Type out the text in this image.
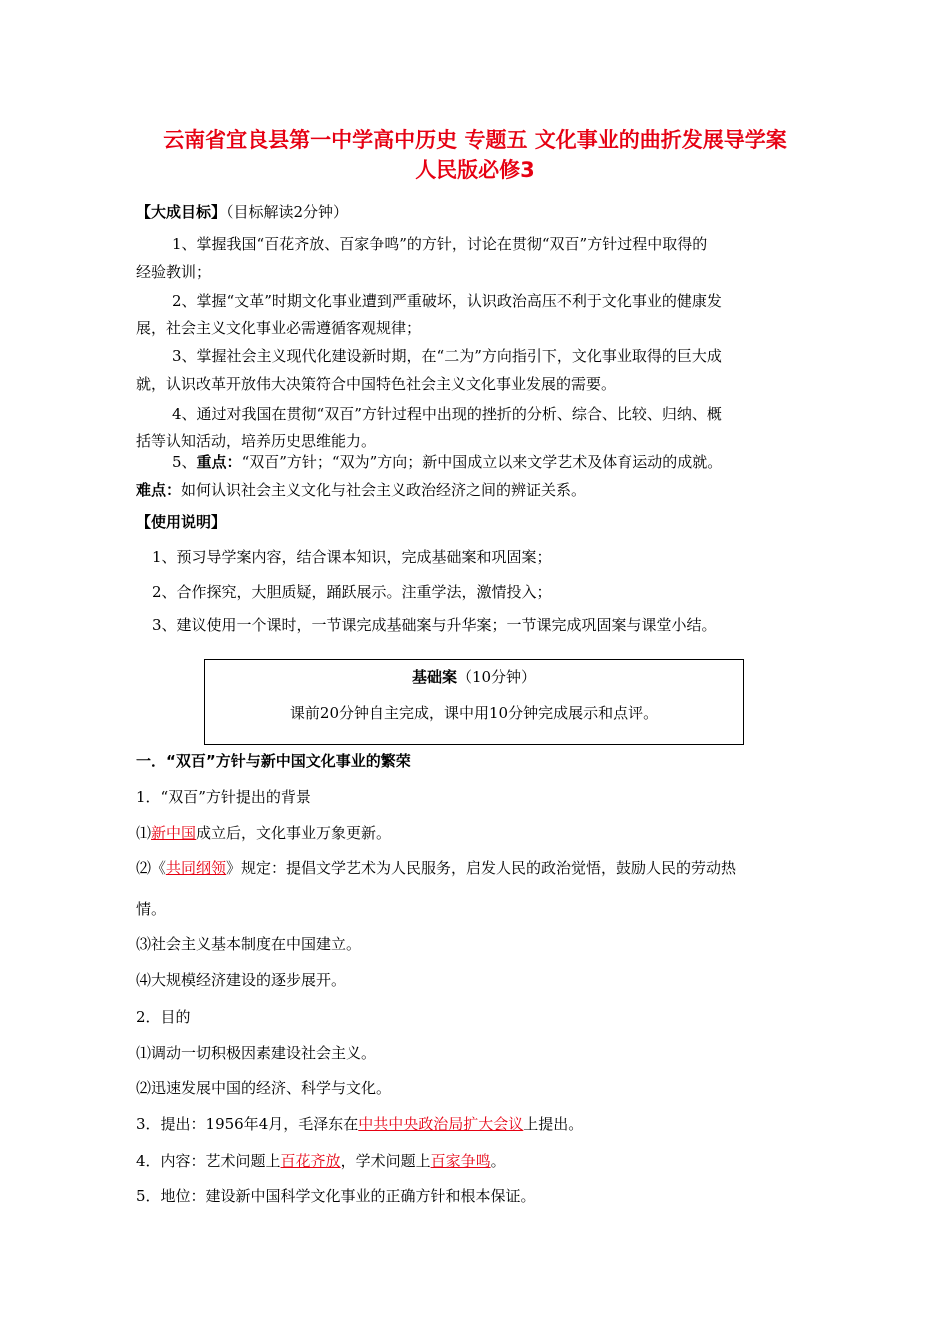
云南省宜良县第一中学高中历史 专题五 文化事业的曲折发展导学案
人民版必修3
【大成目标】（目标解读2分钟）
1、掌握我国“百花齐放、百家争鸣”的方针，讨论在贯彻“双百”方针过程中取得的
经验教训；
2、掌握“文革”时期文化事业遭到严重破坏，认识政治高压不利于文化事业的健康发
展，社会主义文化事业必需遵循客观规律；
3、掌握社会主义现代化建设新时期，在“二为”方向指引下，文化事业取得的巨大成
就，认识改革开放伟大决策符合中国特色社会主义文化事业发展的需要。
4、通过对我国在贯彻“双百”方针过程中出现的挫折的分析、综合、比较、归纳、概
括等认知活动，培养历史思维能力。
5、重点：“双百”方针；“双为”方向；新中国成立以来文学艺术及体育运动的成就。
难点：如何认识社会主义文化与社会主义政治经济之间的辨证关系。
【使用说明】
1、预习导学案内容，结合课本知识，完成基础案和巩固案；
2、合作探究，大胆质疑，踊跃展示。注重学法，激情投入；
3、建议使用一个课时，一节课完成基础案与升华案；一节课完成巩固案与课堂小结。
基础案（10分钟）
课前20分钟自主完成，课中用10分钟完成展示和点评。
一．“双百”方针与新中国文化事业的繁荣
1．“双百”方针提出的背景
⑴新中国成立后，文化事业万象更新。
⑵《共同纲领》规定：提倡文学艺术为人民服务，启发人民的政治觉悟，鼓励人民的劳动热
情。
⑶社会主义基本制度在中国建立。
⑷大规模经济建设的逐步展开。
2．目的
⑴调动一切积极因素建设社会主义。
⑵迅速发展中国的经济、科学与文化。
3．提出：1956年4月，毛泽东在中共中央政治局扩大会议上提出。
4．内容：艺术问题上百花齐放，学术问题上百家争鸣。
5．地位：建设新中国科学文化事业的正确方针和根本保证。
